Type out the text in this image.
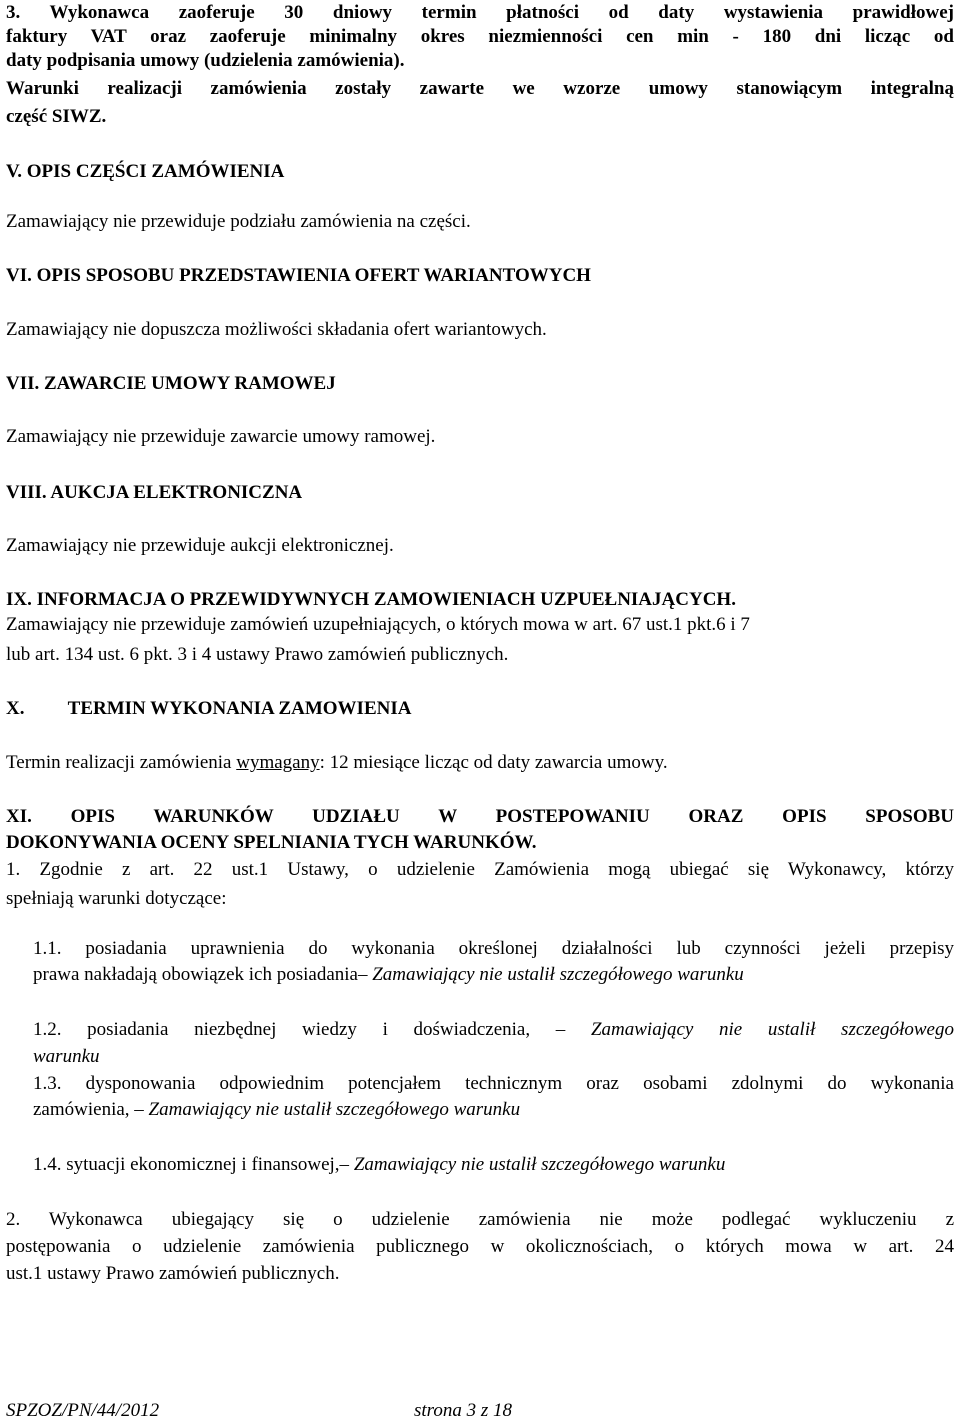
3. Wykonawca zaoferuje 30 dniowy termin płatności od daty wystawienia prawidłowej
faktury VAT oraz zaoferuje minimalny okres niezmienności cen min - 180 dni licząc od
daty podpisania umowy (udzielenia zamówienia).
Warunki realizacji zamówienia zostały zawarte we wzorze umowy stanowiącym integralną
część SIWZ.
V. OPIS CZĘŚCI ZAMÓWIENIA
Zamawiający nie przewiduje podziału zamówienia na części.
VI. OPIS SPOSOBU PRZEDSTAWIENIA OFERT WARIANTOWYCH
Zamawiający nie dopuszcza możliwości składania ofert wariantowych.
VII. ZAWARCIE UMOWY RAMOWEJ
Zamawiający nie przewiduje zawarcie umowy ramowej.
VIII. AUKCJA ELEKTRONICZNA
Zamawiający nie przewiduje aukcji elektronicznej.
IX. INFORMACJA O PRZEWIDYWNYCH ZAMOWIENIACH UZPUEŁNIAJĄCYCH.
Zamawiający nie przewiduje zamówień uzupełniających, o których mowa w art. 67 ust.1 pkt.6 i 7
lub art. 134 ust. 6 pkt. 3 i 4 ustawy Prawo zamówień publicznych.
X. TERMIN WYKONANIA ZAMOWIENIA
Termin realizacji zamówienia wymagany: 12 miesiące licząc od daty zawarcia umowy.
XI. OPIS WARUNKÓW UDZIAŁU W POSTEPOWANIU ORAZ OPIS SPOSOBU
DOKONYWANIA OCENY SPELNIANIA TYCH WARUNKÓW.
1. Zgodnie z art. 22 ust.1 Ustawy, o udzielenie Zamówienia mogą ubiegać się Wykonawcy, którzy
spełniają warunki dotyczące:
1.1. posiadania uprawnienia do wykonania określonej działalności lub czynności jeżeli przepisy
prawa nakładają obowiązek ich posiadania– Zamawiający nie ustalił szczegółowego warunku
1.2. posiadania niezbędnej wiedzy i doświadczenia, – Zamawiający nie ustalił szczegółowego
warunku
1.3. dysponowania odpowiednim potencjałem technicznym oraz osobami zdolnymi do wykonania
zamówienia, – Zamawiający nie ustalił szczegółowego warunku
1.4. sytuacji ekonomicznej i finansowej,– Zamawiający nie ustalił szczegółowego warunku
2. Wykonawca ubiegający się o udzielenie zamówienia nie może podlegać wykluczeniu z
postępowania o udzielenie zamówienia publicznego w okolicznościach, o których mowa w art. 24
ust.1 ustawy Prawo zamówień publicznych.
SPZOZ/PN/44/2012	strona 3 z 18
